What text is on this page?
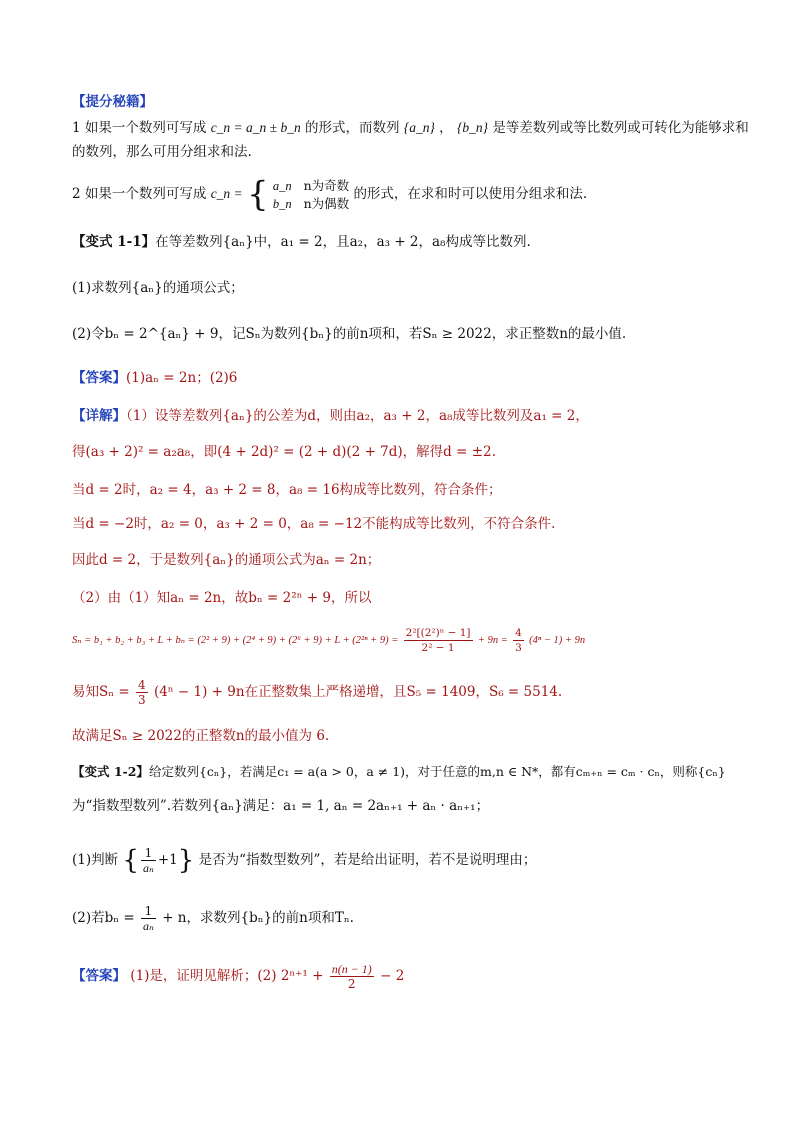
【提分秘籍】
1 如果一个数列可写成 c_n = a_n ± b_n 的形式，而数列 {a_n} ， {b_n} 是等差数列或等比数列或可转化为能够求和
的数列，那么可用分组求和法.
2 如果一个数列可写成 c_n = { a_n n为奇数
b_n n为偶数
的形式，在求和时可以使用分组求和法.
【变式 1-1】在等差数列{aₙ}中，a₁ = 2，且a₂，a₃ + 2，a₈构成等比数列.
(1)求数列{aₙ}的通项公式；
(2)令bₙ = 2^{aₙ} + 9，记Sₙ为数列{bₙ}的前n项和，若Sₙ ≥ 2022，求正整数n的最小值.
【答案】(1)aₙ = 2n；(2)6
【详解】（1）设等差数列{aₙ}的公差为d，则由a₂，a₃ + 2，a₈成等比数列及a₁ = 2，
得(a₃ + 2)² = a₂a₈，即(4 + 2d)² = (2 + d)(2 + 7d)，解得d = ±2.
当d = 2时，a₂ = 4，a₃ + 2 = 8，a₈ = 16构成等比数列，符合条件；
当d = −2时，a₂ = 0，a₃ + 2 = 0，a₈ = −12不能构成等比数列，不符合条件.
因此d = 2，于是数列{aₙ}的通项公式为aₙ = 2n；
（2）由（1）知aₙ = 2n，故bₙ = 2²ⁿ + 9，所以
$S_n = b_1 + b_2 + b_3 + L + b_n = (2^2 + 9) + (2^4 + 9) + (2^6 + 9) + L + (2^{2n} + 9) = \frac{\text{2²[(2²)ⁿ − 1]}}{\text{2² − 1}} + 9n = \frac{4}{3} (4^n - 1) + 9n$
易知$S_n = \frac{4}{3} (4^n - 1) + 9n$在正整数集上严格递增，且S₅ = 1409，S₆ = 5514.
故满足Sₙ ≥ 2022的正整数n的最小值为 6.
【变式 1-2】给定数列{cₙ}，若满足c₁ = a(a > 0，a ≠ 1)，对于任意的m,n ∈ N*，都有cₘ₊ₙ = cₘ · cₙ，则称{cₙ}
为“指数型数列”.若数列{aₙ}满足：a₁ = 1, aₙ = 2aₙ₊₁ + aₙ · aₙ₊₁；
(1)判断 { $\frac{1}{\text{aₙ}} +1$} 是否为“指数型数列”，若是给出证明，若不是说明理由；
(2)若$b_n = \frac{1}{\text{aₙ}} + n$，求数列{bₙ}的前n项和Tₙ.
【答案】 (1)是，证明见解析；(2) $2^{n+1} + \frac{n(n - 1)}{2} - 2$
